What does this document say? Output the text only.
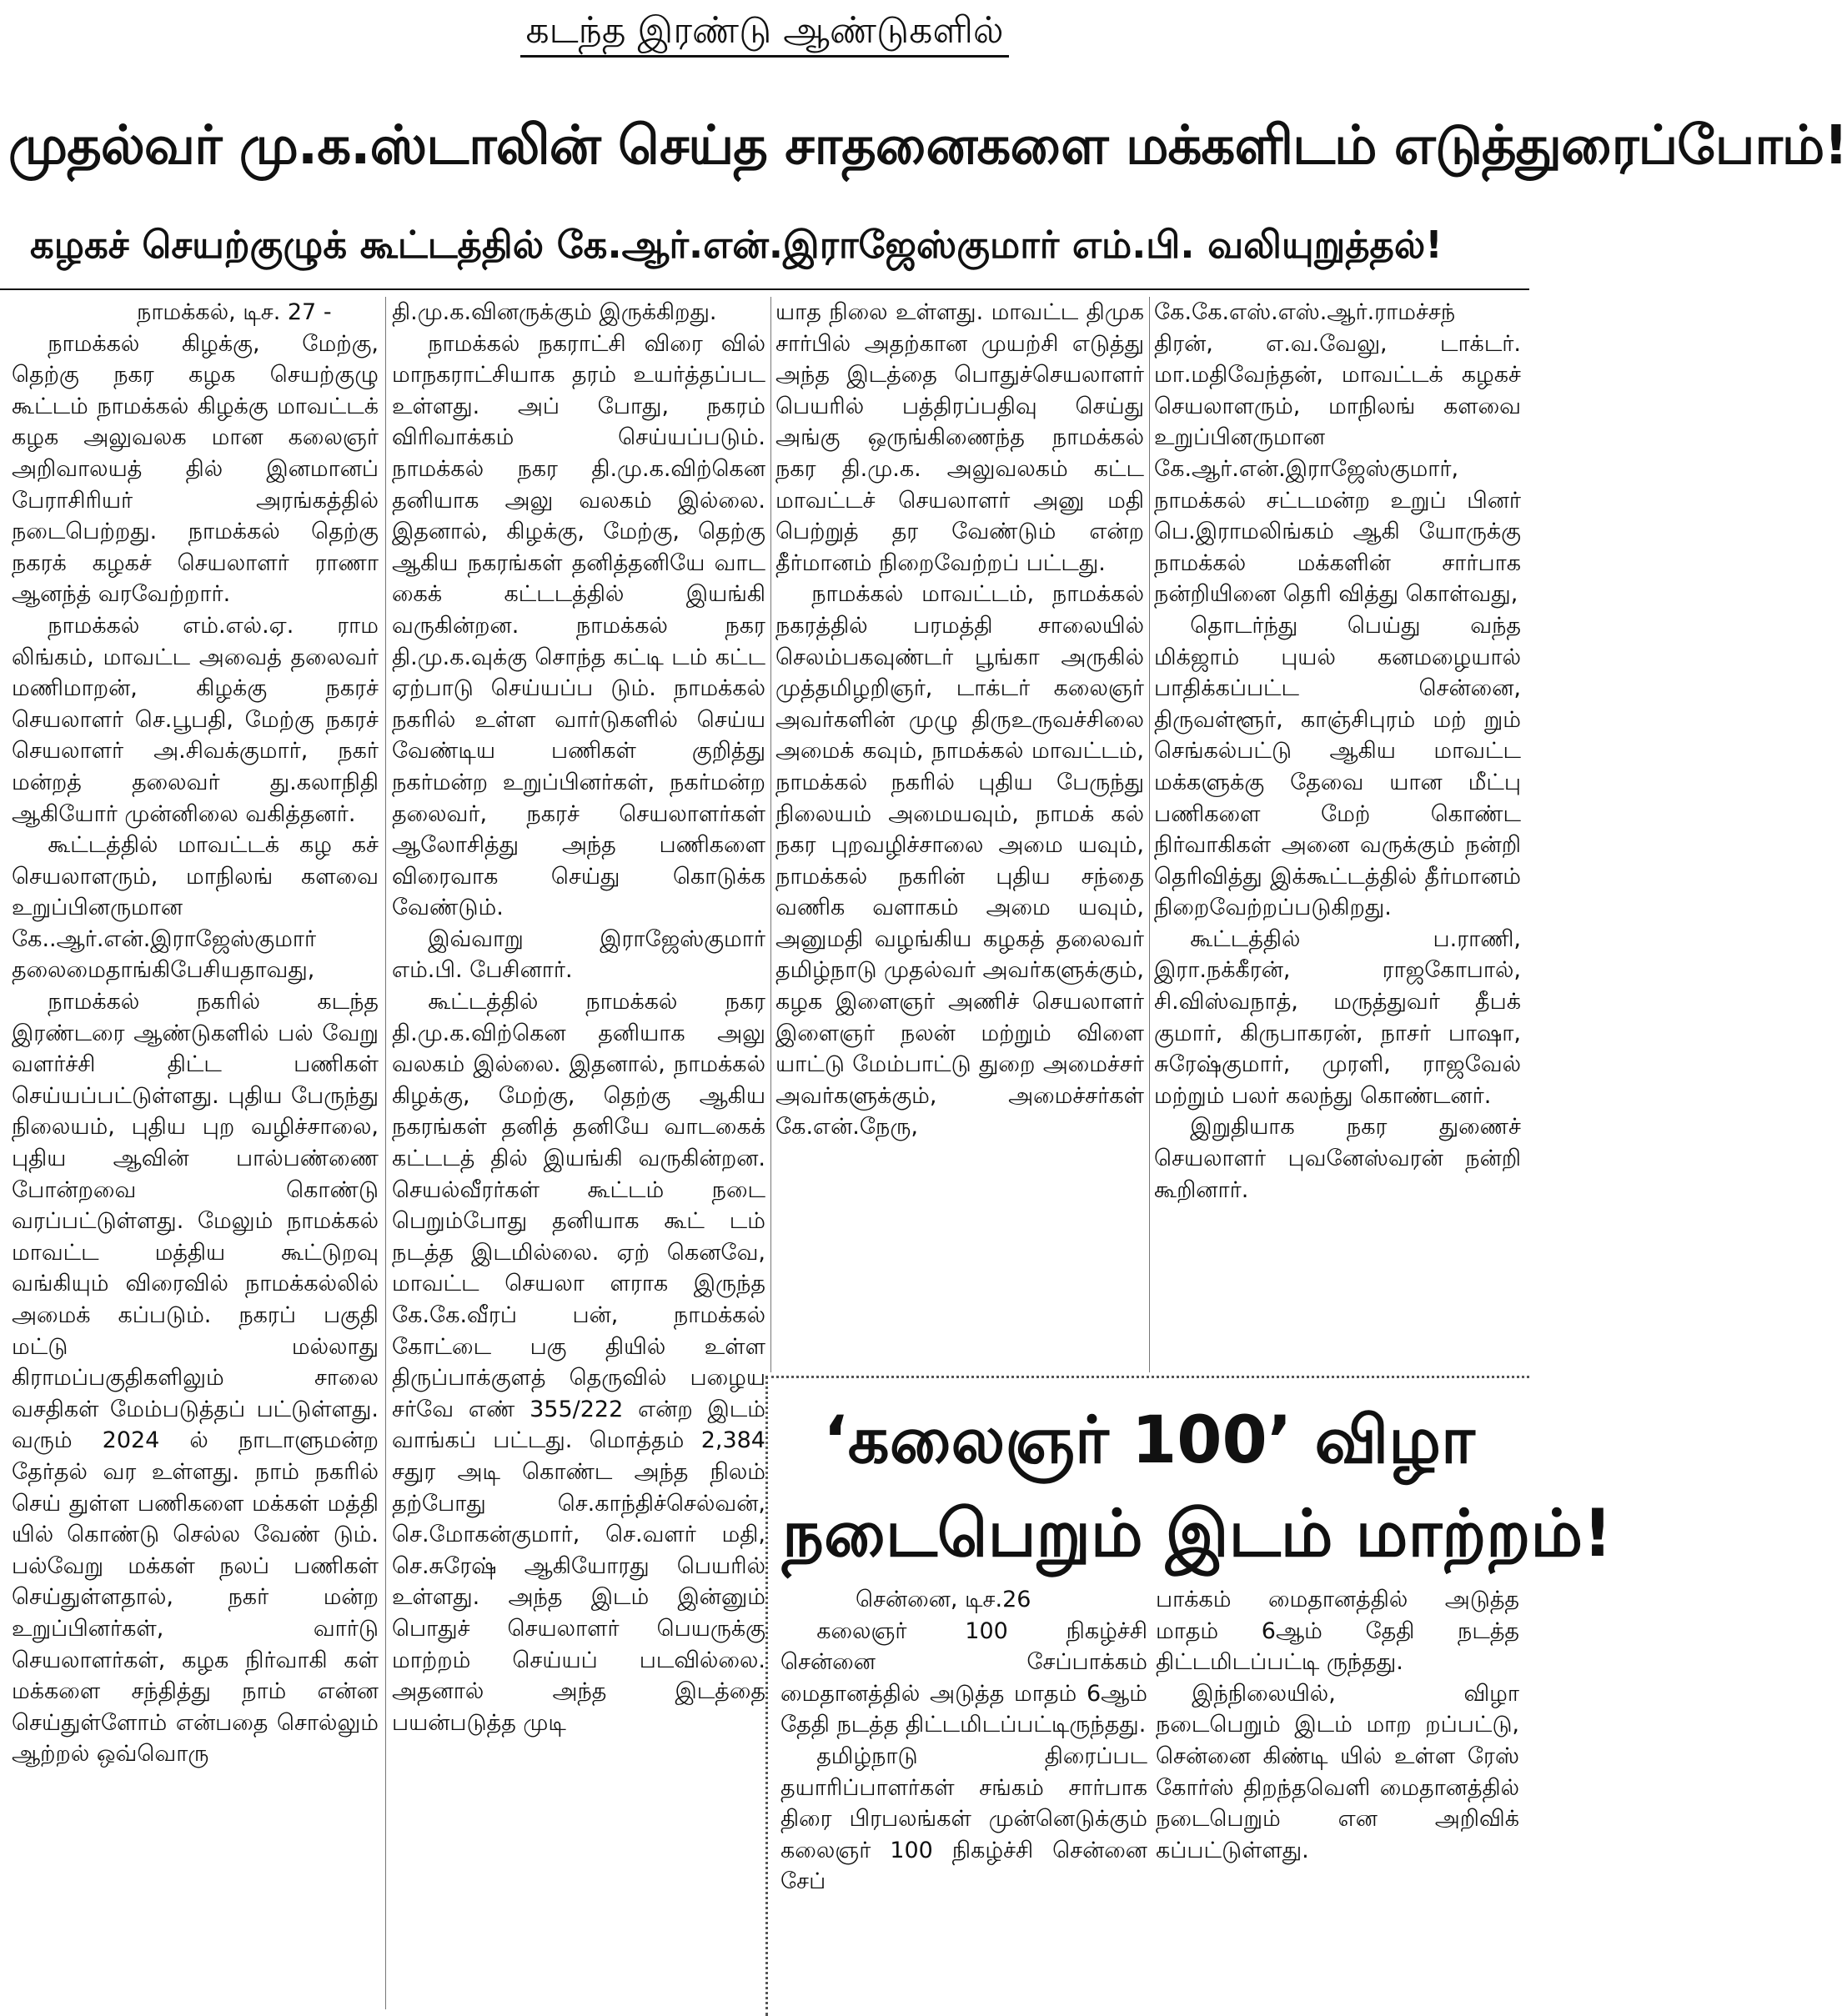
கடந்த இரண்டு ஆண்டுகளில்
முதல்வர் மு.க.ஸ்டாலின் செய்த சாதனைகளை மக்களிடம் எடுத்துரைப்போம்!
கழகச் செயற்குழுக் கூட்டத்தில் கே.ஆர்.என்.இராஜேஸ்குமார் எம்.பி. வலியுறுத்தல்!

நாமக்கல், டிச. 27 -

நாமக்கல் கிழக்கு, மேற்கு, தெற்கு நகர கழக செயற்குழு கூட்டம் நாமக்கல் கிழக்கு மாவட்டக் கழக அலுவலக மான கலைஞர் அறிவாலயத் தில் இனமானப் பேராசிரியர் அரங்கத்தில் நடைபெற்றது. நாமக்கல் தெற்கு நகரக் கழகச் செயலாளர் ராணா ஆனந்த் வரவேற்றார்.

நாமக்கல் எம்.எல்.ஏ. ராம லிங்கம், மாவட்ட அவைத் தலைவர் மணிமாறன், கிழக்கு நகரச் செயலாளர் செ.பூபதி, மேற்கு நகரச் செயலாளர் அ.சிவக்குமார், நகர் மன்றத் தலைவர் து.கலாநிதி ஆகியோர் முன்னிலை வகித்தனர்.

கூட்டத்தில் மாவட்டக் கழ கச் செயலாளரும், மாநிலங் களவை உறுப்பினருமான கே..ஆர்.என்.இராஜேஸ்குமார் தலைமைதாங்கிபேசியதாவது,

நாமக்கல் நகரில் கடந்த இரண்டரை ஆண்டுகளில் பல் வேறு வளர்ச்சி திட்ட பணிகள் செய்யப்பட்டுள்ளது. புதிய பேருந்து நிலையம், புதிய புற வழிச்சாலை, புதிய ஆவின் பால்பண்ணை போன்றவை கொண்டு வரப்பட்டுள்ளது. மேலும் நாமக்கல் மாவட்ட மத்திய கூட்டுறவு வங்கியும் விரைவில் நாமக்கல்லில் அமைக் கப்படும். நகரப் பகுதி மட்டு மல்லாது கிராமப்பகுதிகளிலும் சாலை வசதிகள் மேம்படுத்தப் பட்டுள்ளது. வரும் 2024 ல் நாடாளுமன்ற தேர்தல் வர உள்ளது. நாம் நகரில் செய் துள்ள பணிகளை மக்கள் மத்தி யில் கொண்டு செல்ல வேண் டும். பல்வேறு மக்கள் நலப் பணிகள் செய்துள்ளதால், நகர் மன்ற உறுப்பினர்கள், வார்டு செயலாளர்கள், கழக நிர்வாகி கள் மக்களை சந்தித்து நாம் என்ன செய்துள்ளோம் என்பதை சொல்லும் ஆற்றல் ஒவ்வொரு

தி.மு.க.வினருக்கும் இருக்கிறது.

நாமக்கல் நகராட்சி விரை வில் மாநகராட்சியாக தரம் உயர்த்தப்பட உள்ளது. அப் போது, நகரம் விரிவாக்கம் செய்யப்படும். நாமக்கல் நகர தி.மு.க.விற்கென தனியாக அலு வலகம் இல்லை. இதனால், கிழக்கு, மேற்கு, தெற்கு ஆகிய நகரங்கள் தனித்தனியே வாட கைக் கட்டடத்தில் இயங்கி வருகின்றன. நாமக்கல் நகர தி.மு.க.வுக்கு சொந்த கட்டி டம் கட்ட ஏற்பாடு செய்யப்ப டும். நாமக்கல் நகரில் உள்ள வார்டுகளில் செய்ய வேண்டிய பணிகள் குறித்து நகர்மன்ற உறுப்பினர்கள், நகர்மன்ற தலைவர், நகரச் செயலாளர்கள் ஆலோசித்து அந்த பணிகளை விரைவாக செய்து கொடுக்க வேண்டும்.

இவ்வாறு இராஜேஸ்குமார் எம்.பி. பேசினார்.

கூட்டத்தில் நாமக்கல் நகர தி.மு.க.விற்கென தனியாக அலு வலகம் இல்லை. இதனால், நாமக்கல் கிழக்கு, மேற்கு, தெற்கு ஆகிய நகரங்கள் தனித் தனியே வாடகைக் கட்டடத் தில் இயங்கி வருகின்றன. செயல்வீரர்கள் கூட்டம் நடை பெறும்போது தனியாக கூட் டம் நடத்த இடமில்லை. ஏற் கெனவே, மாவட்ட செயலா ளராக இருந்த கே.கே.வீரப் பன், நாமக்கல் கோட்டை பகு தியில் உள்ள திருப்பாக்குளத் தெருவில் பழைய சர்வே எண் 355/222 என்ற இடம் வாங்கப் பட்டது. மொத்தம் 2,384 சதுர அடி கொண்ட அந்த நிலம் தற்போது செ.காந்திச்செல்வன், செ.மோகன்குமார், செ.வளர் மதி, செ.சுரேஷ் ஆகியோரது பெயரில் உள்ளது. அந்த இடம் இன்னும் பொதுச் செயலாளர் பெயருக்கு மாற்றம் செய்யப் படவில்லை. அதனால் அந்த இடத்தை பயன்படுத்த முடி

யாத நிலை உள்ளது. மாவட்ட திமுக சார்பில் அதற்கான முயற்சி எடுத்து அந்த இடத்தை பொதுச்செயலாளர் பெயரில் பத்திரப்பதிவு செய்து அங்கு ஒருங்கிணைந்த நாமக்கல் நகர தி.மு.க. அலுவலகம் கட்ட மாவட்டச் செயலாளர் அனு மதி பெற்றுத் தர வேண்டும் என்ற தீர்மானம் நிறைவேற்றப் பட்டது.

நாமக்கல் மாவட்டம், நாமக்கல் நகரத்தில் பரமத்தி சாலையில் செலம்பகவுண்டர் பூங்கா அருகில் முத்தமிழறிஞர், டாக்டர் கலைஞர் அவர்களின் முழு திருஉருவச்சிலை அமைக் கவும், நாமக்கல் மாவட்டம், நாமக்கல் நகரில் புதிய பேருந்து நிலையம் அமையவும், நாமக் கல் நகர புறவழிச்சாலை அமை யவும், நாமக்கல் நகரின் புதிய சந்தை வணிக வளாகம் அமை யவும், அனுமதி வழங்கிய கழகத் தலைவர் தமிழ்நாடு முதல்வர் அவர்களுக்கும், கழக இளைஞர் அணிச் செயலாளர் இளைஞர் நலன் மற்றும் விளை யாட்டு மேம்பாட்டு துறை அமைச்சர் அவர்களுக்கும், அமைச்சர்கள் கே.என்.நேரு,

கே.கே.எஸ்.எஸ்.ஆர்.ராமச்சந் திரன், எ.வ.வேலு, டாக்டர். மா.மதிவேந்தன், மாவட்டக் கழகச் செயலாளரும், மாநிலங் களவை உறுப்பினருமான கே.ஆர்.என்.இராஜேஸ்குமார், நாமக்கல் சட்டமன்ற உறுப் பினர் பெ.இராமலிங்கம் ஆகி யோருக்கு நாமக்கல் மக்களின் சார்பாக நன்றியினை தெரி வித்து கொள்வது,

தொடர்ந்து பெய்து வந்த மிக்ஜாம் புயல் கனமழையால் பாதிக்கப்பட்ட சென்னை, திருவள்ளூர், காஞ்சிபுரம் மற் றும் செங்கல்பட்டு ஆகிய மாவட்ட மக்களுக்கு தேவை யான மீட்பு பணிகளை மேற் கொண்ட நிர்வாகிகள் அனை வருக்கும் நன்றி தெரிவித்து இக்கூட்டத்தில் தீர்மானம் நிறைவேற்றப்படுகிறது.

கூட்டத்தில் ப.ராணி, இரா.நக்கீரன், ராஜகோபால், சி.விஸ்வநாத், மருத்துவர் தீபக் குமார், கிருபாகரன், நாசர் பாஷா, சுரேஷ்குமார், முரளி, ராஜவேல் மற்றும் பலர் கலந்து கொண்டனர்.

இறுதியாக நகர துணைச் செயலாளர் புவனேஸ்வரன் நன்றி கூறினார்.

‘கலைஞர் 100’ விழா
நடைபெறும் இடம் மாற்றம்!

சென்னை, டிச.26

கலைஞர் 100 நிகழ்ச்சி சென்னை சேப்பாக்கம் மைதானத்தில் அடுத்த மாதம் 6ஆம் தேதி நடத்த திட்டமிடப்பட்டிருந்தது.

தமிழ்நாடு திரைப்பட தயாரிப்பாளர்கள் சங்கம் சார்பாக திரை பிரபலங்கள் முன்னெடுக்கும் கலைஞர் 100 நிகழ்ச்சி சென்னை சேப்

பாக்கம் மைதானத்தில் அடுத்த மாதம் 6ஆம் தேதி நடத்த திட்டமிடப்பட்டி ருந்தது.

இந்நிலையில், விழா நடைபெறும் இடம் மாற றப்பட்டு, சென்னை கிண்டி யில் உள்ள ரேஸ் கோர்ஸ் திறந்தவெளி மைதானத்தில் நடைபெறும் என அறிவிக் கப்பட்டுள்ளது.
